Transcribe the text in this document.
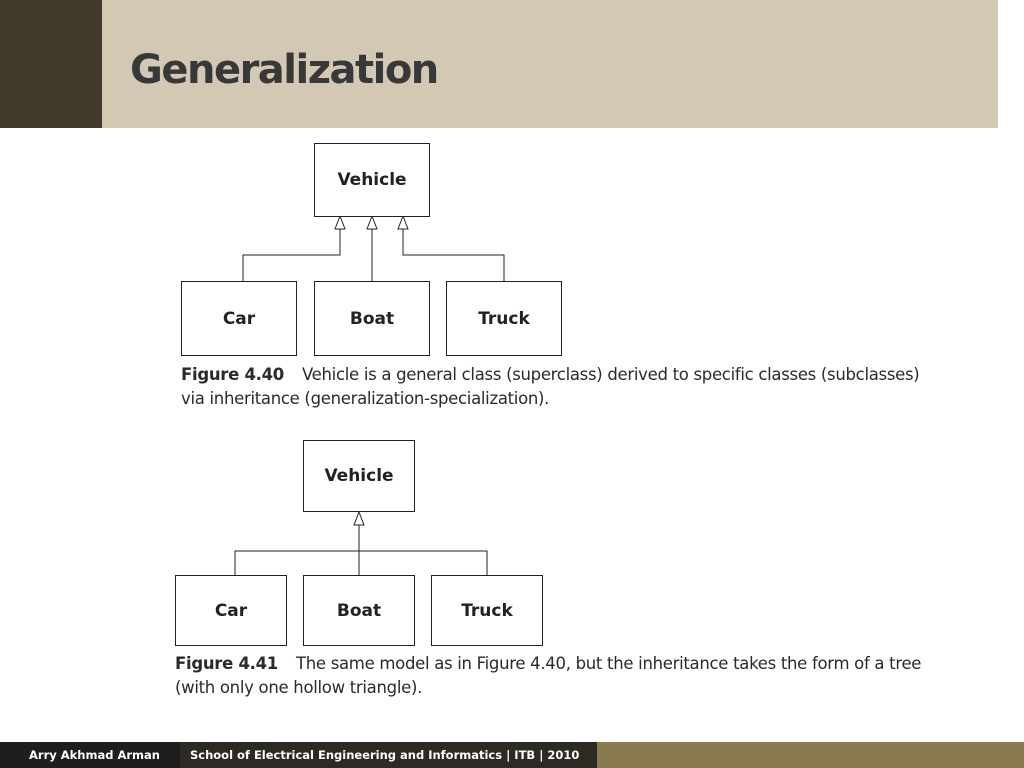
Generalization
Vehicle
Car	Boat	Truck

Figure 4.40 Vehicle is a general class (superclass) derived to specific classes (subclasses)
via inheritance (generalization-specialization).

Vehicle
Car	Boat	Truck

Figure 4.41 The same model as in Figure 4.40, but the inheritance takes the form of a tree
(with only one hollow triangle).

Arry Akhmad Arman	School of Electrical Engineering and Informatics | ITB | 2010
